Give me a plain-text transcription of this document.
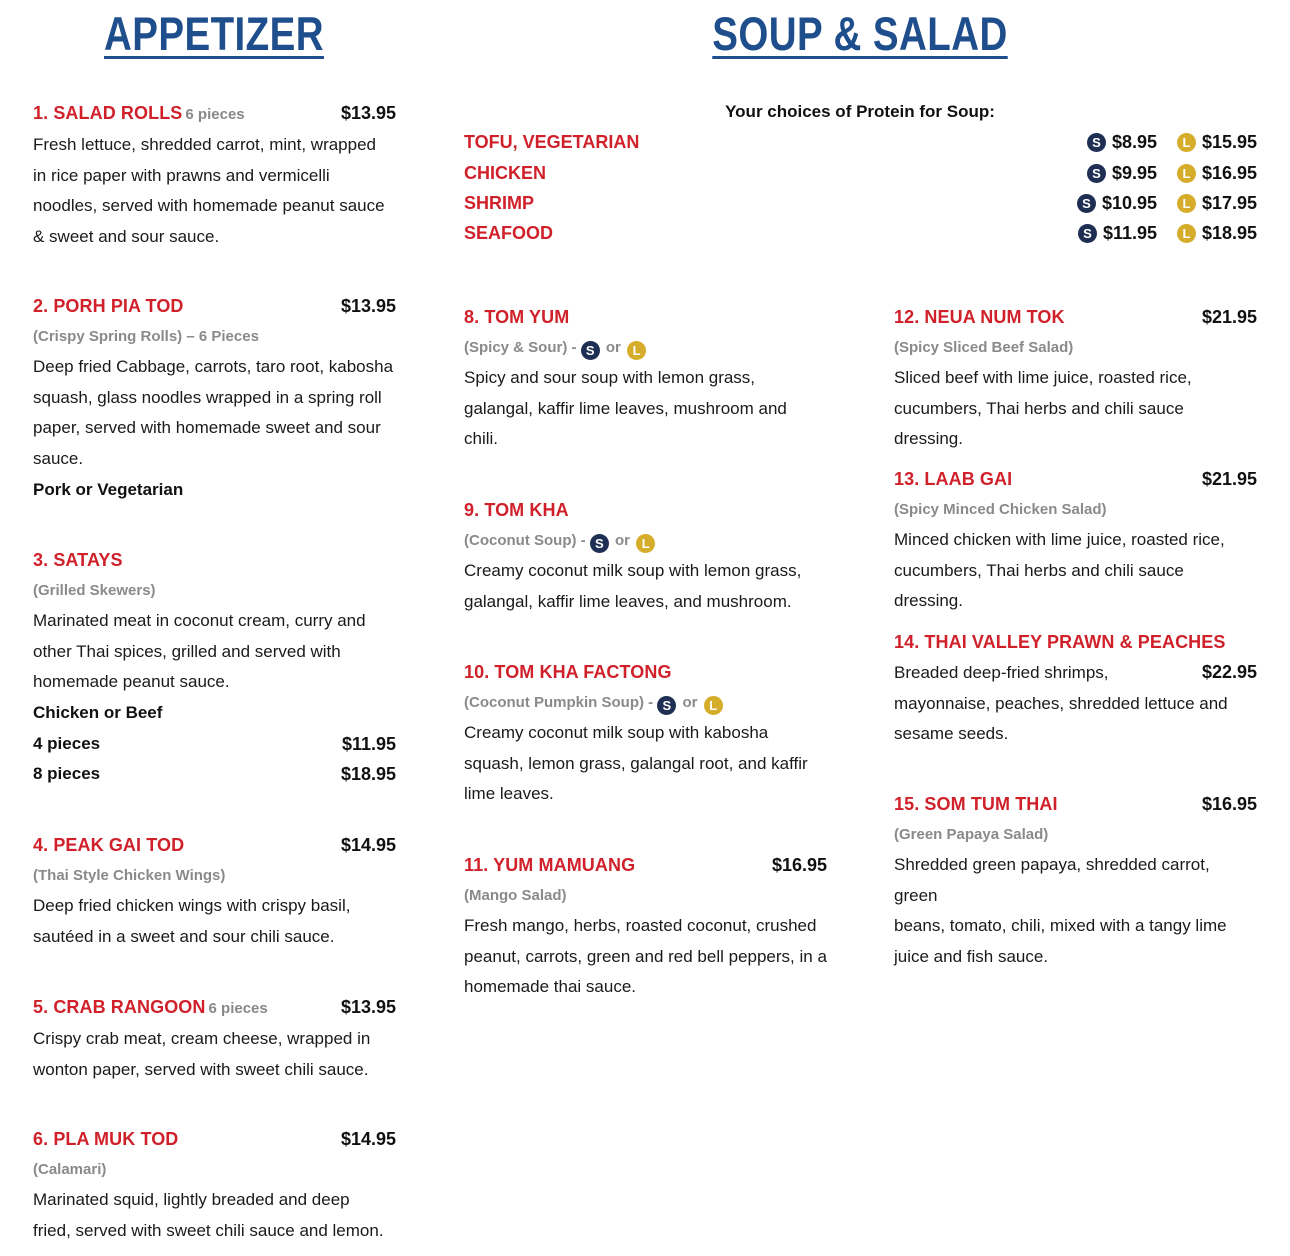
APPETIZER	SOUP & SALAD
1. SALAD ROLLS 6 pieces	$13.95
Fresh lettuce, shredded carrot, mint, wrapped
in rice paper with prawns and vermicelli
noodles, served with homemade peanut sauce
& sweet and sour sauce.
2. PORH PIA TOD	$13.95
(Crispy Spring Rolls) – 6 Pieces
Deep fried Cabbage, carrots, taro root, kabosha
squash, glass noodles wrapped in a spring roll
paper, served with homemade sweet and sour
sauce.
Pork or Vegetarian
3. SATAYS
(Grilled Skewers)
Marinated meat in coconut cream, curry and
other Thai spices, grilled and served with
homemade peanut sauce.
Chicken or Beef
4 pieces	$11.95
8 pieces	$18.95
4. PEAK GAI TOD	$14.95
(Thai Style Chicken Wings)
Deep fried chicken wings with crispy basil,
sautéed in a sweet and sour chili sauce.
5. CRAB RANGOON 6 pieces	$13.95
Crispy crab meat, cream cheese, wrapped in
wonton paper, served with sweet chili sauce.
6. PLA MUK TOD	$14.95
(Calamari)
Marinated squid, lightly breaded and deep
fried, served with sweet chili sauce and lemon.
Your choices of Protein for Soup:
TOFU, VEGETARIAN	S $8.95	L $15.95
CHICKEN	S $9.95	L $16.95
SHRIMP	S $10.95	L $17.95
SEAFOOD	S $11.95	L $18.95
8. TOM YUM
(Spicy & Sour) - S or L
Spicy and sour soup with lemon grass,
galangal, kaffir lime leaves, mushroom and
chili.
9. TOM KHA
(Coconut Soup) - S or L
Creamy coconut milk soup with lemon grass,
galangal, kaffir lime leaves, and mushroom.
10. TOM KHA FACTONG
(Coconut Pumpkin Soup) - S or L
Creamy coconut milk soup with kabosha
squash, lemon grass, galangal root, and kaffir
lime leaves.
11. YUM MAMUANG	$16.95
(Mango Salad)
Fresh mango, herbs, roasted coconut, crushed
peanut, carrots, green and red bell peppers, in a
homemade thai sauce.
12. NEUA NUM TOK	$21.95
(Spicy Sliced Beef Salad)
Sliced beef with lime juice, roasted rice,
cucumbers, Thai herbs and chili sauce dressing.
13. LAAB GAI	$21.95
(Spicy Minced Chicken Salad)
Minced chicken with lime juice, roasted rice,
cucumbers, Thai herbs and chili sauce dressing.
14. THAI VALLEY PRAWN & PEACHES
Breaded deep-fried shrimps,	$22.95
mayonnaise, peaches, shredded lettuce and
sesame seeds.
15. SOM TUM THAI	$16.95
(Green Papaya Salad)
Shredded green papaya, shredded carrot, green
beans, tomato, chili, mixed with a tangy lime
juice and fish sauce.
